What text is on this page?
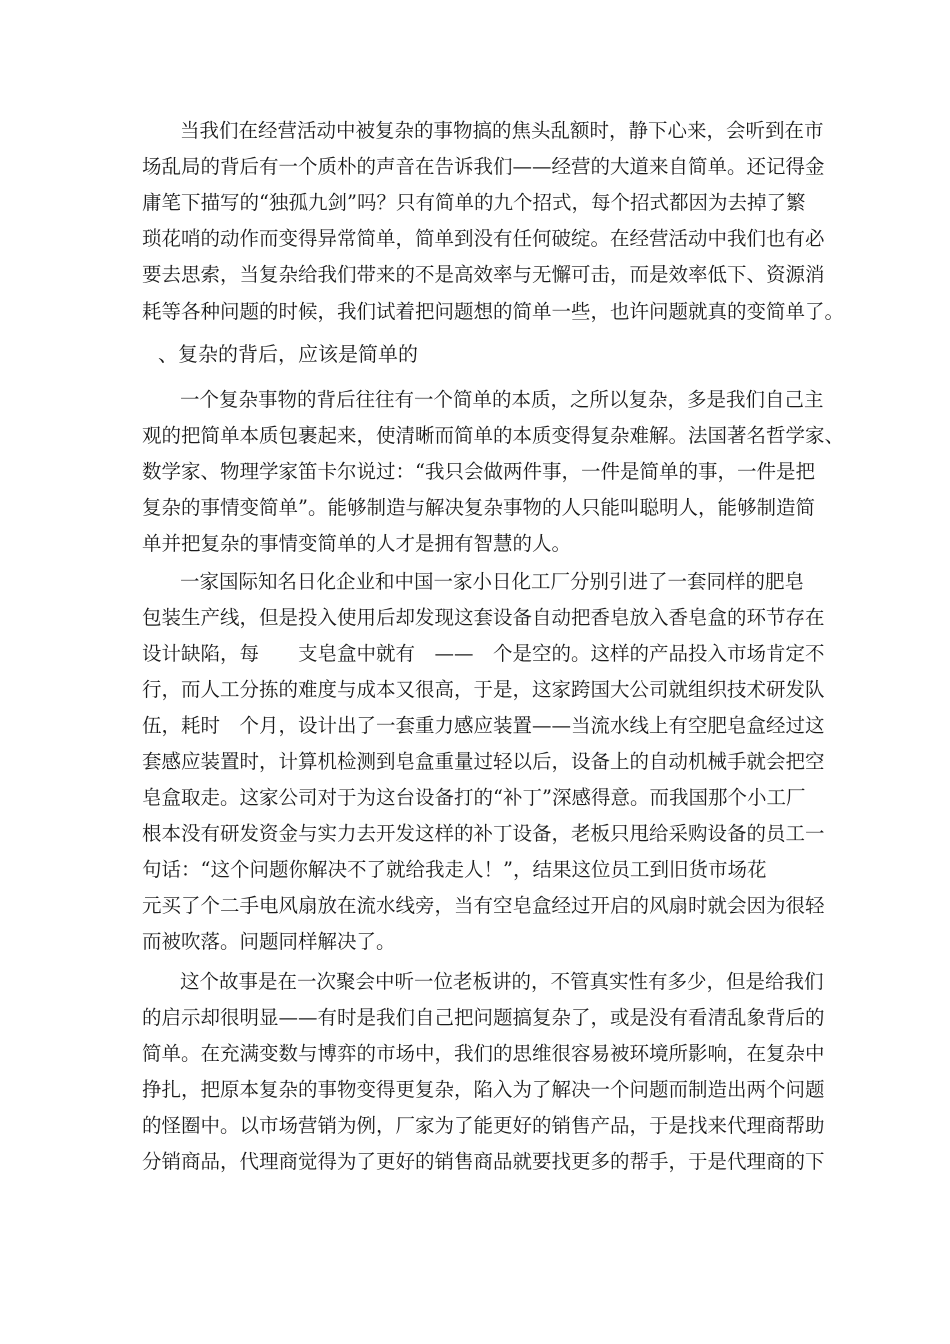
当我们在经营活动中被复杂的事物搞的焦头乱额时，静下心来，会听到在市

场乱局的背后有一个质朴的声音在告诉我们——经营的大道来自简单。还记得金

庸笔下描写的“独孤九剑”吗？只有简单的九个招式，每个招式都因为去掉了繁

琐花哨的动作而变得异常简单，简单到没有任何破绽。在经营活动中我们也有必

要去思索，当复杂给我们带来的不是高效率与无懈可击，而是效率低下、资源消

耗等各种问题的时候，我们试着把问题想的简单一些，也许问题就真的变简单了。

、复杂的背后，应该是简单的

一个复杂事物的背后往往有一个简单的本质，之所以复杂，多是我们自己主

观的把简单本质包裹起来，使清晰而简单的本质变得复杂难解。法国著名哲学家、

数学家、物理学家笛卡尔说过：“我只会做两件事，一件是简单的事，一件是把

复杂的事情变简单”。能够制造与解决复杂事物的人只能叫聪明人，能够制造简

单并把复杂的事情变简单的人才是拥有智慧的人。

一家国际知名日化企业和中国一家小日化工厂分别引进了一套同样的肥皂

包装生产线，但是投入使用后却发现这套设备自动把香皂放入香皂盒的环节存在

设计缺陷，每　　支皂盒中就有　——　个是空的。这样的产品投入市场肯定不

行，而人工分拣的难度与成本又很高，于是，这家跨国大公司就组织技术研发队

伍，耗时　个月，设计出了一套重力感应装置——当流水线上有空肥皂盒经过这

套感应装置时，计算机检测到皂盒重量过轻以后，设备上的自动机械手就会把空

皂盒取走。这家公司对于为这台设备打的“补丁”深感得意。而我国那个小工厂

根本没有研发资金与实力去开发这样的补丁设备，老板只甩给采购设备的员工一

句话：“这个问题你解决不了就给我走人！”，结果这位员工到旧货市场花

元买了个二手电风扇放在流水线旁，当有空皂盒经过开启的风扇时就会因为很轻

而被吹落。问题同样解决了。

这个故事是在一次聚会中听一位老板讲的，不管真实性有多少，但是给我们

的启示却很明显——有时是我们自己把问题搞复杂了，或是没有看清乱象背后的

简单。在充满变数与博弈的市场中，我们的思维很容易被环境所影响，在复杂中

挣扎，把原本复杂的事物变得更复杂，陷入为了解决一个问题而制造出两个问题

的怪圈中。以市场营销为例，厂家为了能更好的销售产品，于是找来代理商帮助

分销商品，代理商觉得为了更好的销售商品就要找更多的帮手，于是代理商的下
